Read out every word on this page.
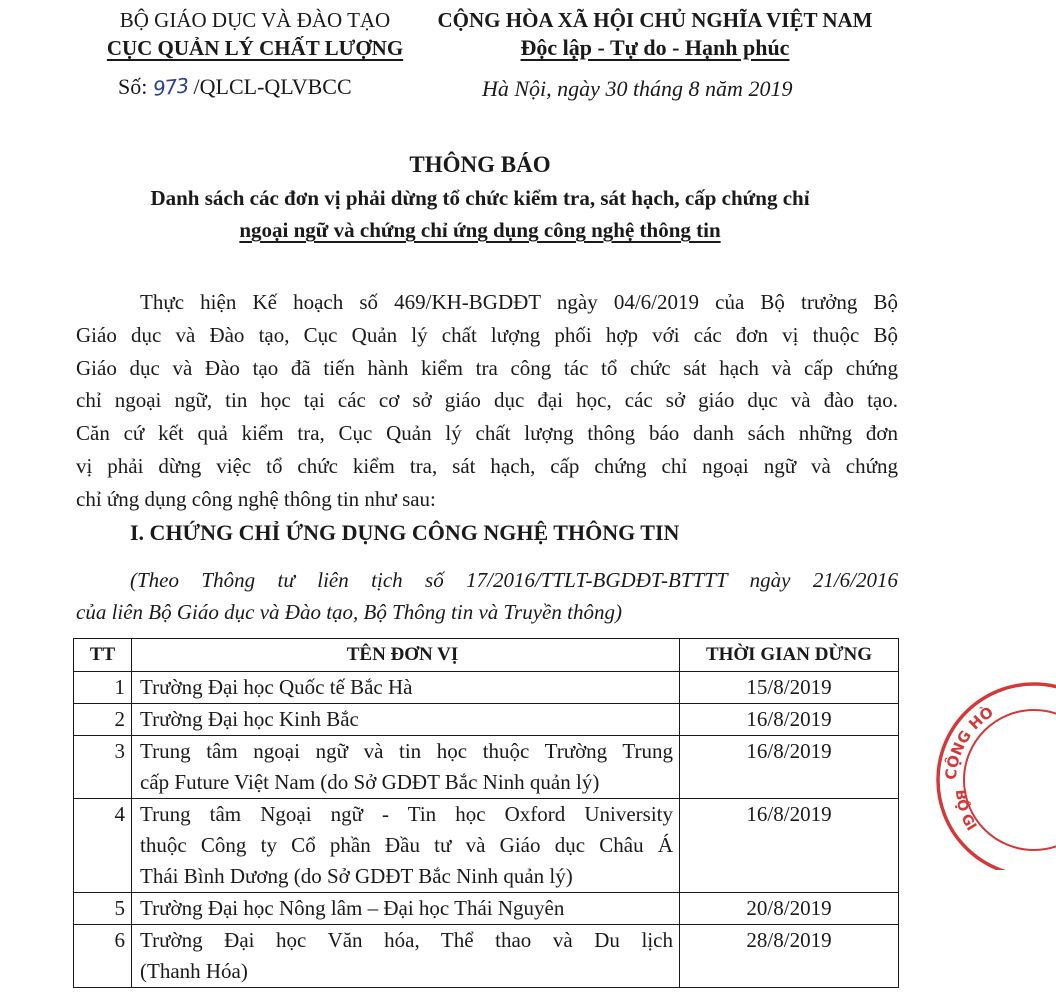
BỘ GIÁO DỤC VÀ ĐÀO TẠO
CỤC QUẢN LÝ CHẤT LƯỢNG
Số: 973 /QLCL-QLVBCC
CỘNG HÒA XÃ HỘI CHỦ NGHĨA VIỆT NAM
Độc lập - Tự do - Hạnh phúc
Hà Nội, ngày 30 tháng 8 năm 2019
THÔNG BÁO
Danh sách các đơn vị phải dừng tổ chức kiểm tra, sát hạch, cấp chứng chỉ
ngoại ngữ và chứng chỉ ứng dụng công nghệ thông tin
Thực hiện Kế hoạch số 469/KH-BGDĐT ngày 04/6/2019 của Bộ trưởng Bộ
Giáo dục và Đào tạo, Cục Quản lý chất lượng phối hợp với các đơn vị thuộc Bộ
Giáo dục và Đào tạo đã tiến hành kiểm tra công tác tổ chức sát hạch và cấp chứng
chỉ ngoại ngữ, tin học tại các cơ sở giáo dục đại học, các sở giáo dục và đào tạo.
Căn cứ kết quả kiểm tra, Cục Quản lý chất lượng thông báo danh sách những đơn
vị phải dừng việc tổ chức kiểm tra, sát hạch, cấp chứng chỉ ngoại ngữ và chứng
chỉ ứng dụng công nghệ thông tin như sau:
I. CHỨNG CHỈ ỨNG DỤNG CÔNG NGHỆ THÔNG TIN
(Theo Thông tư liên tịch số 17/2016/TTLT-BGDĐT-BTTTT ngày 21/6/2016
của liên Bộ Giáo dục và Đào tạo, Bộ Thông tin và Truyền thông)
TT	TÊN ĐƠN VỊ	THỜI GIAN DỪNG
1 Trường Đại học Quốc tế Bắc Hà	15/8/2019
2 Trường Đại học Kinh Bắc	16/8/2019
3 Trung tâm ngoại ngữ và tin học thuộc Trường Trung
cấp Future Việt Nam (do Sở GDĐT Bắc Ninh quản lý)
16/8/2019
4 Trung tâm Ngoại ngữ - Tin học Oxford University
thuộc Công ty Cổ phần Đầu tư và Giáo dục Châu Á
Thái Bình Dương (do Sở GDĐT Bắc Ninh quản lý)
16/8/2019
5 Trường Đại học Nông lâm – Đại học Thái Nguyên	20/8/2019
6 Trường Đại học Văn hóa, Thể thao và Du lịch
(Thanh Hóa)
28/8/2019
CỘNG HÒ
BỘ GI
